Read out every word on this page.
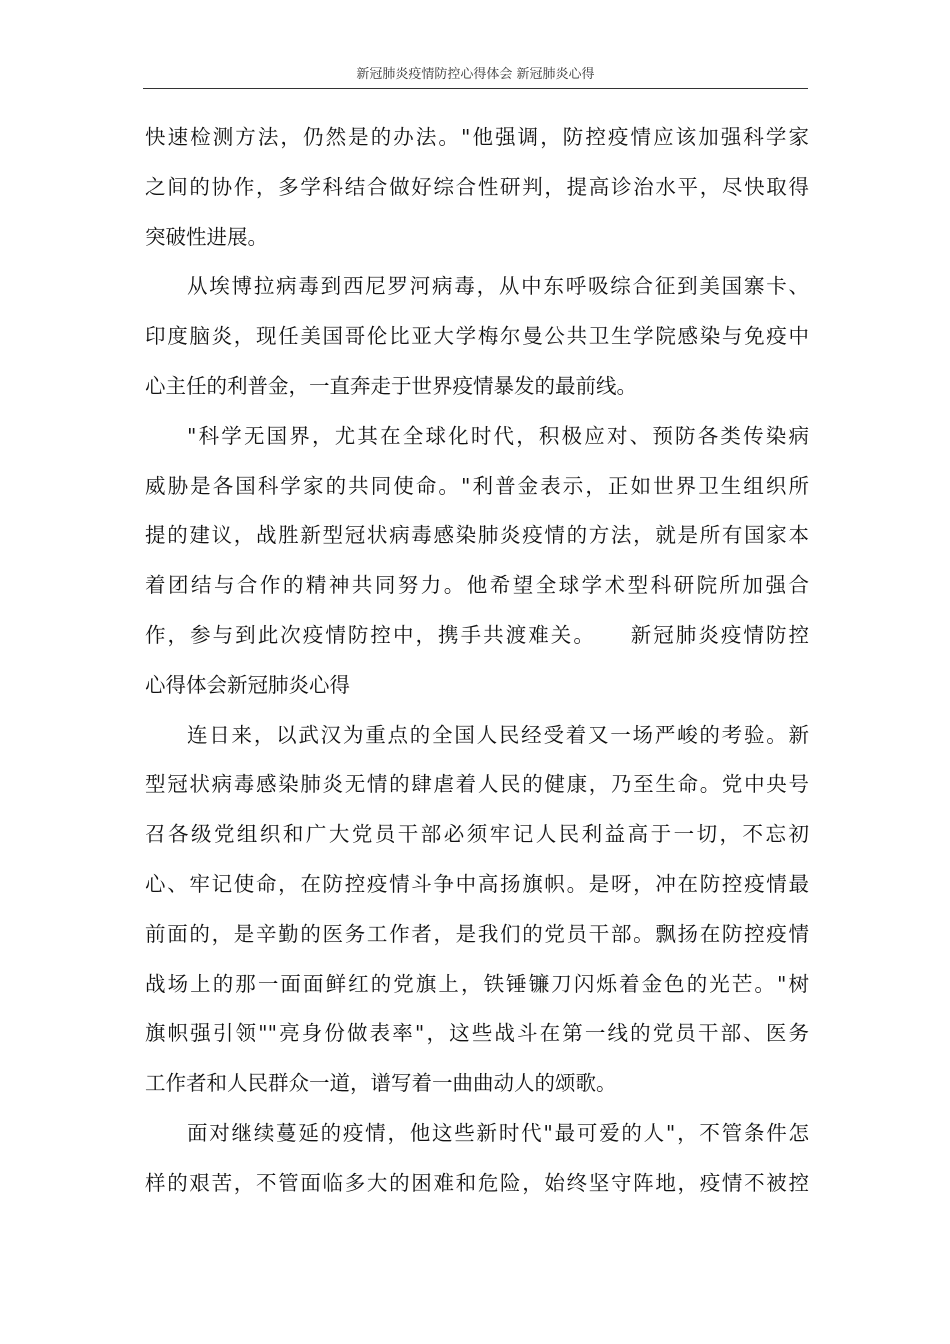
新冠肺炎疫情防控心得体会 新冠肺炎心得
快速检测方法，仍然是的办法。"他强调，防控疫情应该加强科学家
之间的协作，多学科结合做好综合性研判，提高诊治水平，尽快取得
突破性进展。
从埃博拉病毒到西尼罗河病毒，从中东呼吸综合征到美国寨卡、
印度脑炎，现任美国哥伦比亚大学梅尔曼公共卫生学院感染与免疫中
心主任的利普金，一直奔走于世界疫情暴发的最前线。
"科学无国界，尤其在全球化时代，积极应对、预防各类传染病
威胁是各国科学家的共同使命。"利普金表示，正如世界卫生组织所
提的建议，战胜新型冠状病毒感染肺炎疫情的方法，就是所有国家本
着团结与合作的精神共同努力。他希望全球学术型科研院所加强合
作，参与到此次疫情防控中，携手共渡难关。　　新冠肺炎疫情防控
心得体会新冠肺炎心得
连日来，以武汉为重点的全国人民经受着又一场严峻的考验。新
型冠状病毒感染肺炎无情的肆虐着人民的健康，乃至生命。党中央号
召各级党组织和广大党员干部必须牢记人民利益高于一切，不忘初
心、牢记使命，在防控疫情斗争中高扬旗帜。是呀，冲在防控疫情最
前面的，是辛勤的医务工作者，是我们的党员干部。飘扬在防控疫情
战场上的那一面面鲜红的党旗上，铁锤镰刀闪烁着金色的光芒。"树
旗帜强引领""亮身份做表率"，这些战斗在第一线的党员干部、医务
工作者和人民群众一道，谱写着一曲曲动人的颂歌。
面对继续蔓延的疫情，他这些新时代"最可爱的人"，不管条件怎
样的艰苦，不管面临多大的困难和危险，始终坚守阵地，疫情不被控
